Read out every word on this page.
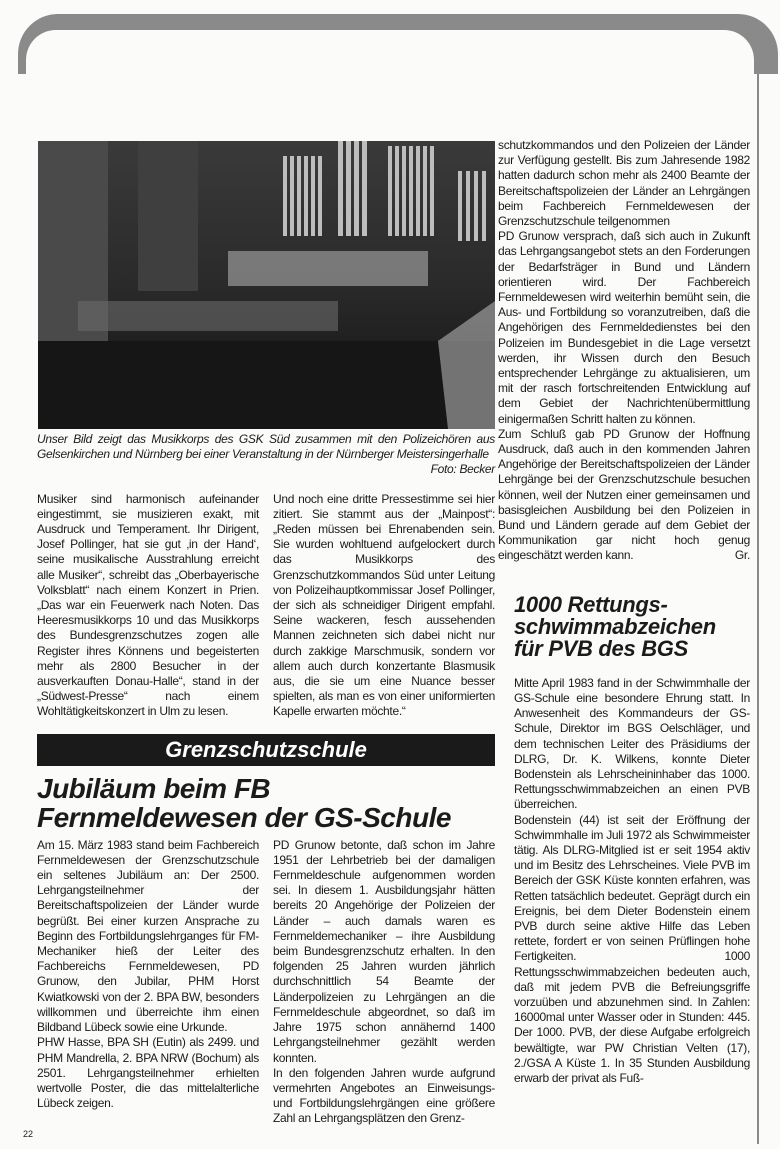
Unser Bild zeigt das Musikkorps des GSK Süd zusammen mit den Polizeichören aus Gelsenkirchen und Nürnberg bei einer Veranstaltung in der Nürnberger Meistersingerhalle
Foto: Becker

Musiker sind harmonisch aufeinander eingestimmt, sie musizieren exakt, mit Ausdruck und Temperament. Ihr Dirigent, Josef Pollinger, hat sie gut ‚in der Hand‘, seine musikalische Ausstrahlung erreicht alle Musiker“, schreibt das „Oberbayerische Volksblatt“ nach einem Konzert in Prien. „Das war ein Feuerwerk nach Noten. Das Heeresmusikkorps 10 und das Musikkorps des Bundesgrenzschutzes zogen alle Register ihres Könnens und begeisterten mehr als 2800 Besucher in der ausverkauften Donau-Halle“, stand in der „Südwest-Presse“ nach einem Wohltätigkeitskonzert in Ulm zu lesen.

Und noch eine dritte Pressestimme sei hier zitiert. Sie stammt aus der „Mainpost“: „Reden müssen bei Ehrenabenden sein. Sie wurden wohltuend aufgelockert durch das Musikkorps des Grenzschutzkommandos Süd unter Leitung von Polizeihauptkommissar Josef Pollinger, der sich als schneidiger Dirigent empfahl. Seine wackeren, fesch aussehenden Mannen zeichneten sich dabei nicht nur durch zakkige Marschmusik, sondern vor allem auch durch konzertante Blasmusik aus, die sie um eine Nuance besser spielten, als man es von einer uniformierten Kapelle erwarten möchte.“

Grenzschutzschule
Jubiläum beim FB Fernmeldewesen der GS-Schule

Am 15. März 1983 stand beim Fachbereich Fernmeldewesen der Grenzschutzschule ein seltenes Jubiläum an: Der 2500. Lehrgangsteilnehmer der Bereitschaftspolizeien der Länder wurde begrüßt. Bei einer kurzen Ansprache zu Beginn des Fortbildungslehrganges für FM-Mechaniker hieß der Leiter des Fachbereichs Fernmeldewesen, PD Grunow, den Jubilar, PHM Horst Kwiatkowski von der 2. BPA BW, besonders willkommen und überreichte ihm einen Bildband Lübeck sowie eine Urkunde.

PHW Hasse, BPA SH (Eutin) als 2499. und PHM Mandrella, 2. BPA NRW (Bochum) als 2501. Lehrgangsteilnehmer erhielten wertvolle Poster, die das mittelalterliche Lübeck zeigen.

PD Grunow betonte, daß schon im Jahre 1951 der Lehrbetrieb bei der damaligen Fernmeldeschule aufgenommen worden sei. In diesem 1. Ausbildungsjahr hätten bereits 20 Angehörige der Polizeien der Länder – auch damals waren es Fernmeldemechaniker – ihre Ausbildung beim Bundesgrenzschutz erhalten. In den folgenden 25 Jahren wurden jährlich durchschnittlich 54 Beamte der Länderpolizeien zu Lehrgängen an die Fernmeldeschule abgeordnet, so daß im Jahre 1975 schon annähernd 1400 Lehrgangsteilnehmer gezählt werden konnten.

In den folgenden Jahren wurde aufgrund vermehrten Angebotes an Einweisungs- und Fortbildungslehrgängen eine größere Zahl an Lehrgangsplätzen den Grenz-

22

schutzkommandos und den Polizeien der Länder zur Verfügung gestellt. Bis zum Jahresende 1982 hatten dadurch schon mehr als 2400 Beamte der Bereitschaftspolizeien der Länder an Lehrgängen beim Fachbereich Fernmeldewesen der Grenzschutzschule teilgenommen

PD Grunow versprach, daß sich auch in Zukunft das Lehrgangsangebot stets an den Forderungen der Bedarfsträger in Bund und Ländern orientieren wird. Der Fachbereich Fernmeldewesen wird weiterhin bemüht sein, die Aus- und Fortbildung so voranzutreiben, daß die Angehörigen des Fernmeldedienstes bei den Polizeien im Bundesgebiet in die Lage versetzt werden, ihr Wissen durch den Besuch entsprechender Lehrgänge zu aktualisieren, um mit der rasch fortschreitenden Entwicklung auf dem Gebiet der Nachrichtenübermittlung einigermaßen Schritt halten zu können.

Zum Schluß gab PD Grunow der Hoffnung Ausdruck, daß auch in den kommenden Jahren Angehörige der Bereitschaftspolizeien der Länder Lehrgänge bei der Grenzschutzschule besuchen können, weil der Nutzen einer gemeinsamen und basisgleichen Ausbildung bei den Polizeien in Bund und Ländern gerade auf dem Gebiet der Kommunikation gar nicht hoch genug eingeschätzt werden kann.	Gr.

1000 Rettungs-schwimmabzeichen für PVB des BGS

Mitte April 1983 fand in der Schwimmhalle der GS-Schule eine besondere Ehrung statt. In Anwesenheit des Kommandeurs der GS-Schule, Direktor im BGS Oelschläger, und dem technischen Leiter des Präsidiums der DLRG, Dr. K. Wilkens, konnte Dieter Bodenstein als Lehrscheininhaber das 1000. Rettungsschwimmabzeichen an einen PVB überreichen.

Bodenstein (44) ist seit der Eröffnung der Schwimmhalle im Juli 1972 als Schwimmeister tätig. Als DLRG-Mitglied ist er seit 1954 aktiv und im Besitz des Lehrscheines. Viele PVB im Bereich der GSK Küste konnten erfahren, was Retten tatsächlich bedeutet. Geprägt durch ein Ereignis, bei dem Dieter Bodenstein einem PVB durch seine aktive Hilfe das Leben rettete, fordert er von seinen Prüflingen hohe Fertigkeiten. 1000 Rettungsschwimmabzeichen bedeuten auch, daß mit jedem PVB die Befreiungsgriffe vorzuüben und abzunehmen sind. In Zahlen: 16000mal unter Wasser oder in Stunden: 445. Der 1000. PVB, der diese Aufgabe erfolgreich bewältigte, war PW Christian Velten (17), 2./GSA A Küste 1. In 35 Stunden Ausbildung erwarb der privat als Fuß-
